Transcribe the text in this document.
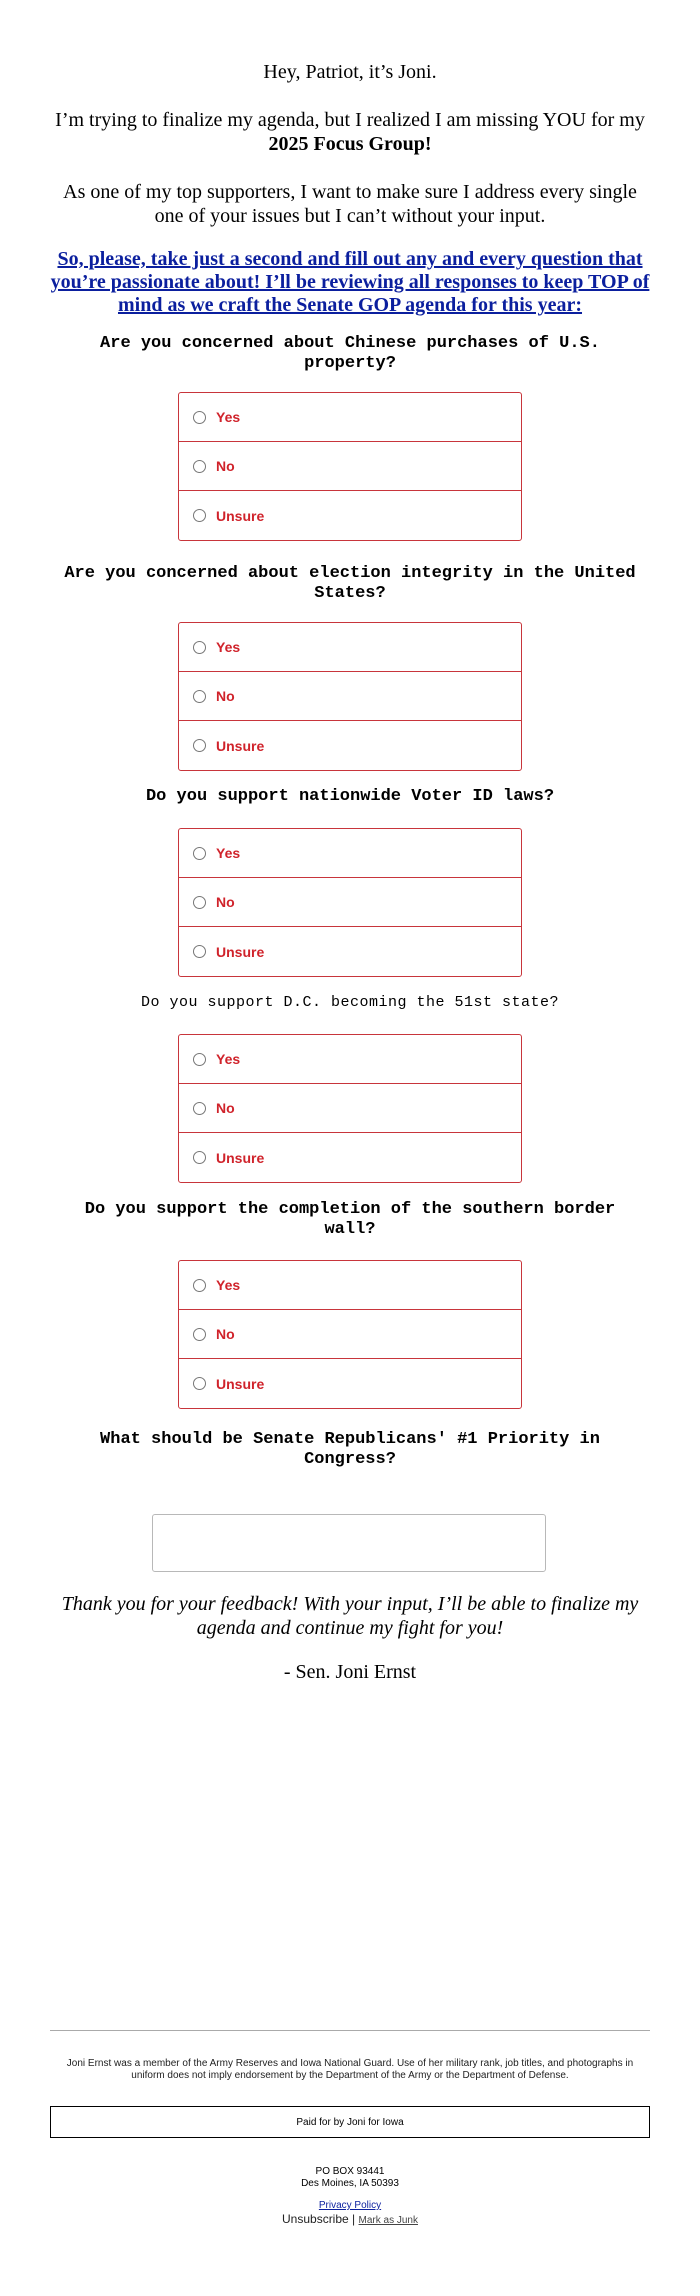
Hey, Patriot, it’s Joni.
I’m trying to finalize my agenda, but I realized I am missing YOU for my 2025 Focus Group!
As one of my top supporters, I want to make sure I address every single one of your issues but I can’t without your input.
So, please, take just a second and fill out any and every question that you’re passionate about! I’ll be reviewing all responses to keep TOP of mind as we craft the Senate GOP agenda for this year:
Are you concerned about Chinese purchases of U.S. property?
Yes
No
Unsure
Are you concerned about election integrity in the United States?
Yes
No
Unsure
Do you support nationwide Voter ID laws?
Yes
No
Unsure
Do you support D.C. becoming the 51st state?
Yes
No
Unsure
Do you support the completion of the southern border wall?
Yes
No
Unsure
What should be Senate Republicans' #1 Priority in Congress?
Thank you for your feedback! With your input, I’ll be able to finalize my agenda and continue my fight for you!
- Sen. Joni Ernst
Joni Ernst was a member of the Army Reserves and Iowa National Guard. Use of her military rank, job titles, and photographs in uniform does not imply endorsement by the Department of the Army or the Department of Defense.
Paid for by Joni for Iowa
PO BOX 93441
Des Moines, IA 50393
Privacy Policy
Unsubscribe | Mark as Junk
